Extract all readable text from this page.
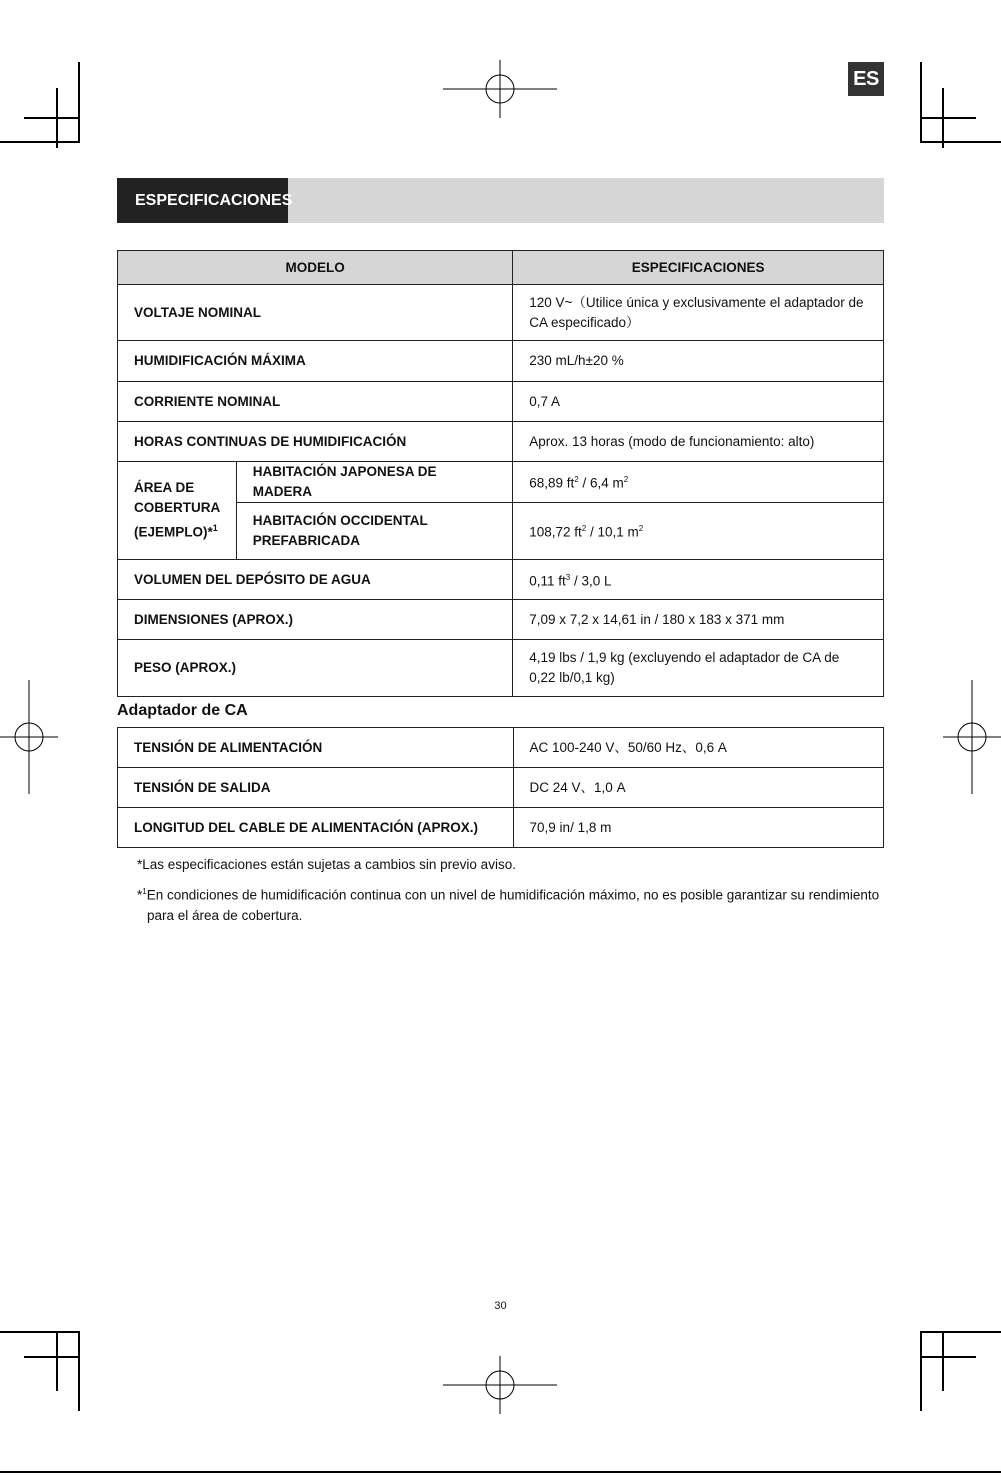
ES
ESPECIFICACIONES
MODELO		ESPECIFICACIONES
VOLTAJE NOMINAL		120 V~（Utilice única y exclusivamente el adaptador de CA especificado）
HUMIDIFICACIÓN MÁXIMA		230 mL/h±20 %
CORRIENTE NOMINAL		0,7 A
HORAS CONTINUAS DE HUMIDIFICACIÓN		Aprox. 13 horas (modo de funcionamiento: alto)
ÁREA DE COBERTURA (EJEMPLO)*$^1$	HABITACIÓN JAPONESA DE MADERA	68,89 $ft^2 / 6,4$ $m^2$
	HABITACIÓN OCCIDENTAL PREFABRICADA	108,72 $ft^2 / 10,1$ $m^2$
VOLUMEN DEL DEPÓSITO DE AGUA		0,11 $ft^3 / 3,0$ L
DIMENSIONES (APROX.)		7,09 x 7,2 x 14,61 in / 180 x 183 x 371 mm
PESO (APROX.)		4,19 lbs / 1,9 kg (excluyendo el adaptador de CA de 0,22 lb/0,1 kg)
Adaptador de CA
TENSIÓN DE ALIMENTACIÓN	AC 100-240 V、50/60 Hz、0,6 A
TENSIÓN DE SALIDA	DC 24 V、1,0 A
LONGITUD DEL CABLE DE ALIMENTACIÓN (APROX.)	70,9 in/ 1,8 m
*Las especificaciones están sujetas a cambios sin previo aviso.
*$^1$En condiciones de humidificación continua con un nivel de humidificación máximo, no es posible garantizar su rendimiento
para el área de cobertura.
30
